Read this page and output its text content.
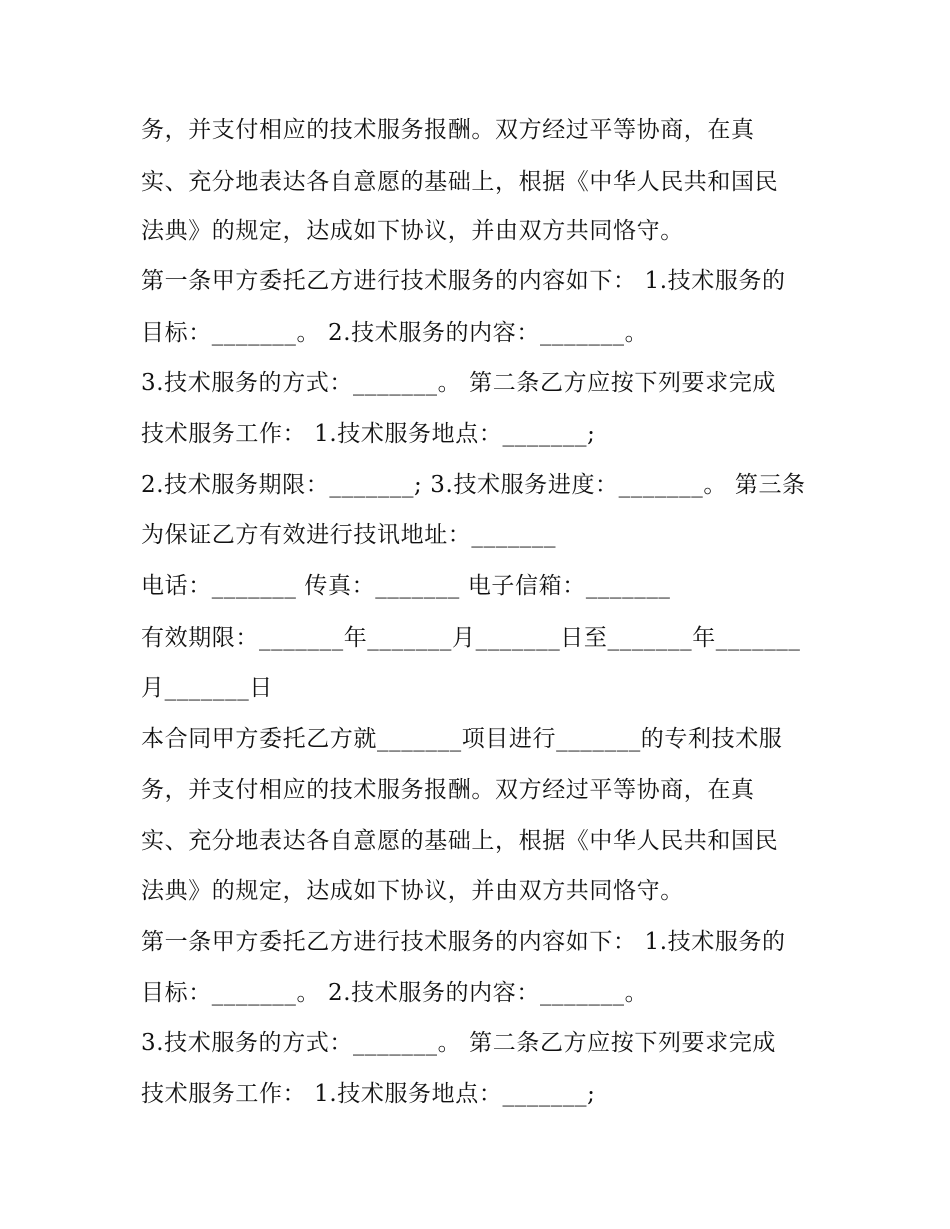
务，并支付相应的技术服务报酬。双方经过平等协商，在真
实、充分地表达各自意愿的基础上，根据《中华人民共和国民
法典》的规定，达成如下协议，并由双方共同恪守。
第一条甲方委托乙方进行技术服务的内容如下： 1.技术服务的
目标：_______。 2.技术服务的内容：_______。
3.技术服务的方式：_______。 第二条乙方应按下列要求完成
技术服务工作： 1.技术服务地点：_______;
2.技术服务期限：_______; 3.技术服务进度：_______。 第三条
为保证乙方有效进行技讯地址：_______
电话：_______ 传真：_______ 电子信箱：_______
有效期限：_______年_______月_______日至_______年_______
月_______日
本合同甲方委托乙方就_______项目进行_______的专利技术服
务，并支付相应的技术服务报酬。双方经过平等协商，在真
实、充分地表达各自意愿的基础上，根据《中华人民共和国民
法典》的规定，达成如下协议，并由双方共同恪守。
第一条甲方委托乙方进行技术服务的内容如下： 1.技术服务的
目标：_______。 2.技术服务的内容：_______。
3.技术服务的方式：_______。 第二条乙方应按下列要求完成
技术服务工作： 1.技术服务地点：_______;
